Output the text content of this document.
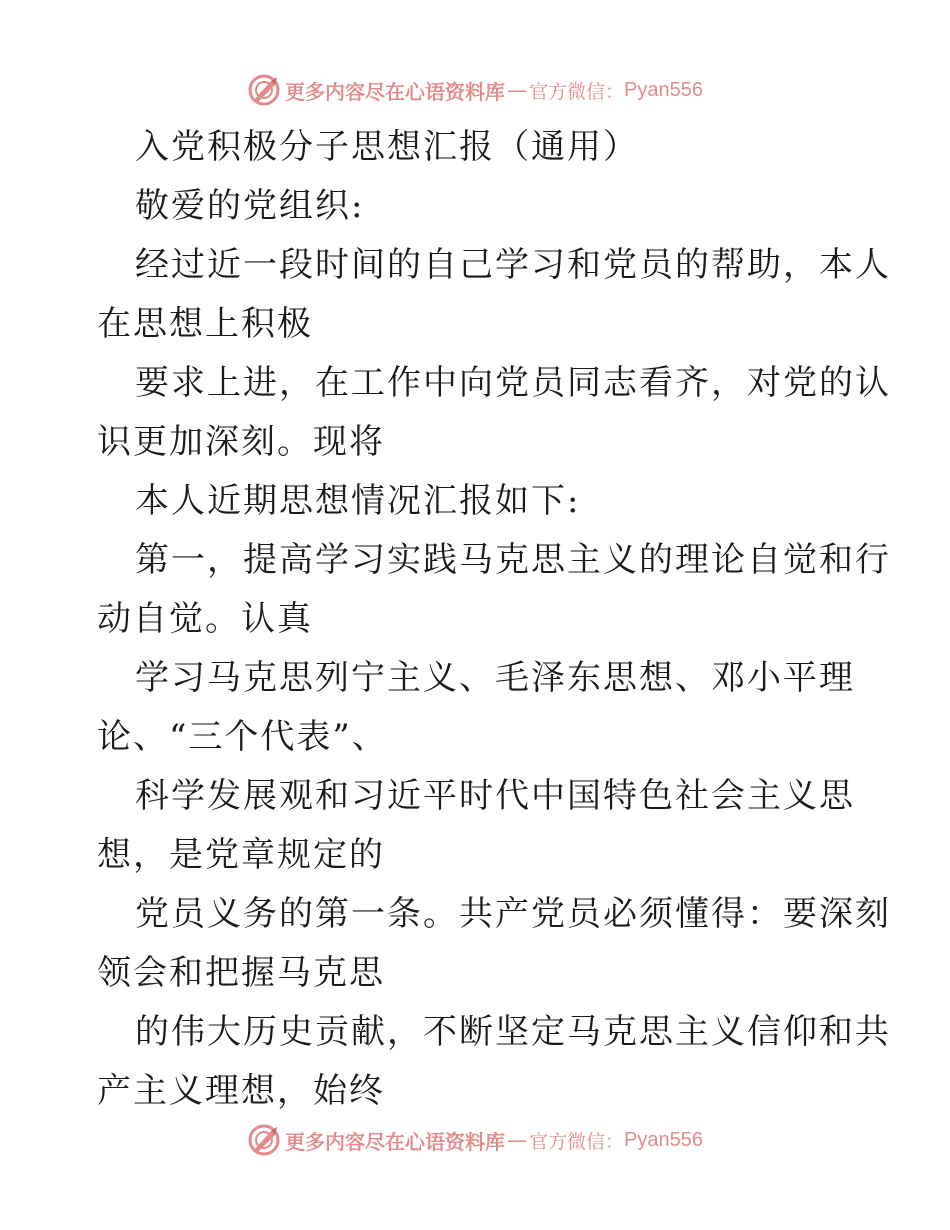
更多内容尽在心语资料库 — 官方微信： Pyan556
入党积极分子思想汇报（通用）
敬爱的党组织:
经过近一段时间的自己学习和党员的帮助，本人
在思想上积极
要求上进，在工作中向党员同志看齐，对党的认
识更加深刻。现将
本人近期思想情况汇报如下:
第一，提高学习实践马克思主义的理论自觉和行
动自觉。认真
学习马克思列宁主义、毛泽东思想、邓小平理
论、“三个代表”、
科学发展观和习近平时代中国特色社会主义思
想，是党章规定的
党员义务的第一条。共产党员必须懂得：要深刻
领会和把握马克思
的伟大历史贡献，不断坚定马克思主义信仰和共
产主义理想，始终
更多内容尽在心语资料库 — 官方微信： Pyan556
